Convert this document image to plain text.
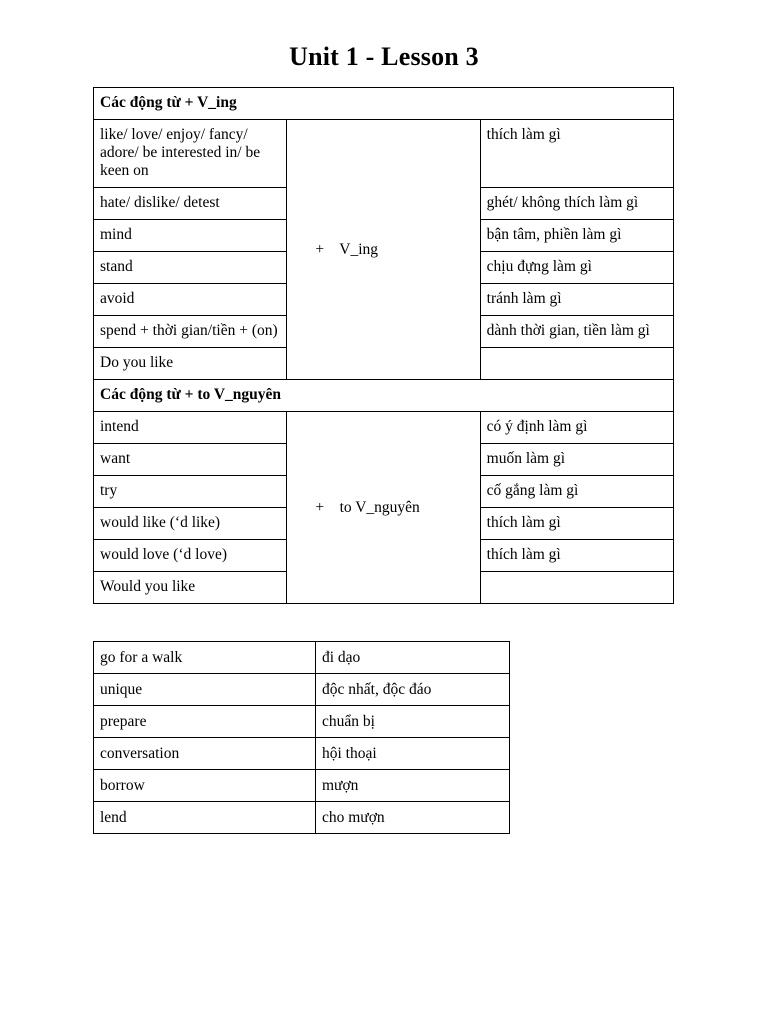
Unit 1 - Lesson 3
Các động từ + V_ing		
like/ love/ enjoy/ fancy/ adore/ be interested in/ be keen on	+    V_ing	thích làm gì
hate/ dislike/ detest		ghét/ không thích làm gì
mind		bận tâm, phiền làm gì
stand		chịu đựng làm gì
avoid		tránh làm gì
spend + thời gian/tiền + (on)		dành thời gian, tiền làm gì
Do you like		
Các động từ + to V_nguyên		
intend	+    to V_nguyên	có ý định làm gì
want		muốn làm gì
try		cố gắng làm gì
would like (‘d like)		thích làm gì
would love (‘d love)		thích làm gì
Would you like		
go for a walk	đi dạo
unique	độc nhất, độc đáo
prepare	chuẩn bị
conversation	hội thoại
borrow	mượn
lend	cho mượn
